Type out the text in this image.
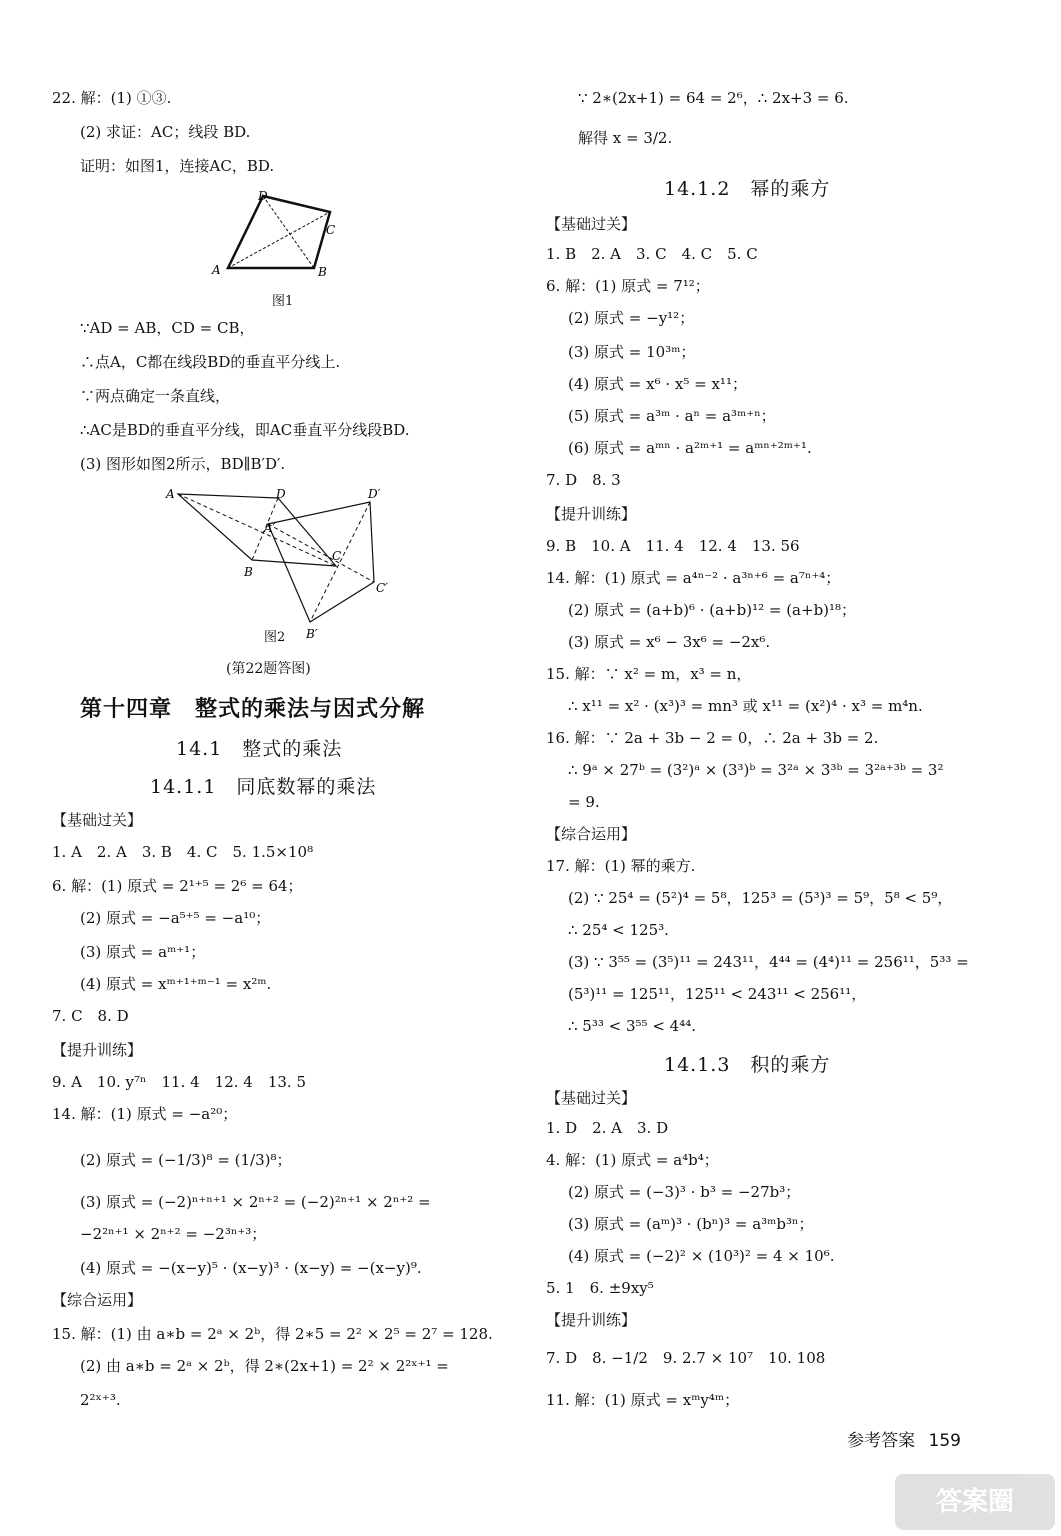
22. 解：(1) ①③.
(2) 求证：AC；线段 BD.
证明：如图1，连接AC，BD.
A	B
C
D
图1
∵AD = AB，CD = CB，
∴点A，C都在线段BD的垂直平分线上.
∵两点确定一条直线，
∴AC是BD的垂直平分线，即AC垂直平分线段BD.
(3) 图形如图2所示，BD∥B′D′.
A
B
C
D
A′
B′
C′
D′
图2
(第22题答图)
第十四章　整式的乘法与因式分解
14.1　整式的乘法
14.1.1　同底数幂的乘法
【基础过关】
1. A　2. A　3. B　4. C　5. 1.5×10⁸
6. 解：(1) 原式 = 2¹⁺⁵ = 2⁶ = 64；
(2) 原式 = −a⁵⁺⁵ = −a¹⁰；
(3) 原式 = aᵐ⁺¹；
(4) 原式 = xᵐ⁺¹⁺ᵐ⁻¹ = x²ᵐ.
7. C　8. D
【提升训练】
9. A　10. y⁷ⁿ　11. 4　12. 4　13. 5
14. 解：(1) 原式 = −a²⁰；
(2) 原式 = (−1/3)⁸ = (1/3)⁸；
(3) 原式 = (−2)ⁿ⁺ⁿ⁺¹ × 2ⁿ⁺² = (−2)²ⁿ⁺¹ × 2ⁿ⁺² =
−2²ⁿ⁺¹ × 2ⁿ⁺² = −2³ⁿ⁺³；
(4) 原式 = −(x−y)⁵ · (x−y)³ · (x−y) = −(x−y)⁹.
【综合运用】
15. 解：(1) 由 a∗b = 2ᵃ × 2ᵇ，得 2∗5 = 2² × 2⁵ = 2⁷ = 128.
(2) 由 a∗b = 2ᵃ × 2ᵇ，得 2∗(2x+1) = 2² × 2²ˣ⁺¹ =
2²ˣ⁺³.
∵ 2∗(2x+1) = 64 = 2⁶，∴ 2x+3 = 6.
解得 x = 3/2.
14.1.2　幂的乘方
【基础过关】
1. B　2. A　3. C　4. C　5. C
6. 解：(1) 原式 = 7¹²；
(2) 原式 = −y¹²；
(3) 原式 = 10³ᵐ；
(4) 原式 = x⁶ · x⁵ = x¹¹；
(5) 原式 = a³ᵐ · aⁿ = a³ᵐ⁺ⁿ；
(6) 原式 = aᵐⁿ · a²ᵐ⁺¹ = aᵐⁿ⁺²ᵐ⁺¹.
7. D　8. 3
【提升训练】
9. B　10. A　11. 4　12. 4　13. 56
14. 解：(1) 原式 = a⁴ⁿ⁻² · a³ⁿ⁺⁶ = a⁷ⁿ⁺⁴；
(2) 原式 = (a+b)⁶ · (a+b)¹² = (a+b)¹⁸；
(3) 原式 = x⁶ − 3x⁶ = −2x⁶.
15. 解：∵ x² = m，x³ = n，
∴ x¹¹ = x² · (x³)³ = mn³ 或 x¹¹ = (x²)⁴ · x³ = m⁴n.
16. 解：∵ 2a + 3b − 2 = 0，∴ 2a + 3b = 2.
∴ 9ᵃ × 27ᵇ = (3²)ᵃ × (3³)ᵇ = 3²ᵃ × 3³ᵇ = 3²ᵃ⁺³ᵇ = 3²
= 9.
【综合运用】
17. 解：(1) 幂的乘方.
(2) ∵ 25⁴ = (5²)⁴ = 5⁸，125³ = (5³)³ = 5⁹，5⁸ < 5⁹，
∴ 25⁴ < 125³.
(3) ∵ 3⁵⁵ = (3⁵)¹¹ = 243¹¹，4⁴⁴ = (4⁴)¹¹ = 256¹¹，5³³ =
(5³)¹¹ = 125¹¹，125¹¹ < 243¹¹ < 256¹¹，
∴ 5³³ < 3⁵⁵ < 4⁴⁴.
14.1.3　积的乘方
【基础过关】
1. D　2. A　3. D
4. 解：(1) 原式 = a⁴b⁴；
(2) 原式 = (−3)³ · b³ = −27b³；
(3) 原式 = (aᵐ)³ · (bⁿ)³ = a³ᵐb³ⁿ；
(4) 原式 = (−2)² × (10³)² = 4 × 10⁶.
5. 1　6. ±9xy⁵
【提升训练】
7. D　8. −1/2　9. 2.7 × 10⁷　10. 108
11. 解：(1) 原式 = xᵐy⁴ᵐ；
参考答案 159
答案圈
